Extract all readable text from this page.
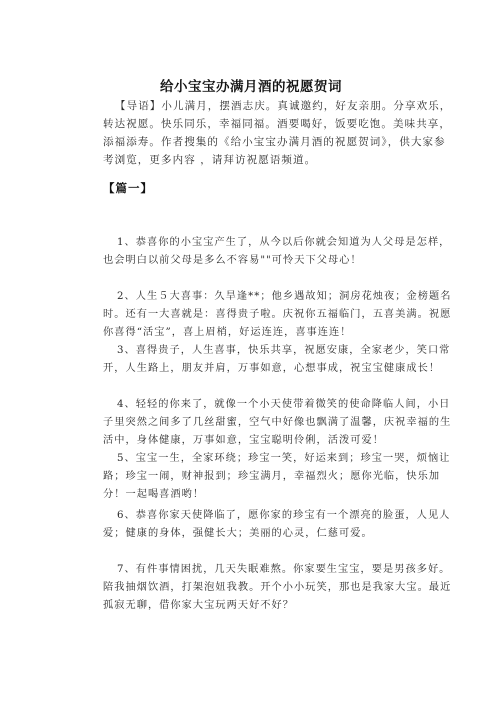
给小宝宝办满月酒的祝愿贺词
【导语】小儿满月，摆酒志庆。真诚邀约，好友亲朋。分享欢乐，转达祝愿。快乐同乐，幸福同福。酒要喝好，饭要吃饱。美味共享，添福添寿。作者搜集的《给小宝宝办满月酒的祝愿贺词》，供大家参考浏览，更多内容 ，请拜访祝愿语频道。
【篇一】
1、恭喜你的小宝宝产生了，从今以后你就会知道为人父母是怎样，也会明白以前父母是多么不容易""可怜天下父母心！
2、人生５大喜事：久旱逢**；他乡遇故知；洞房花烛夜；金榜题名时。还有一大喜就是：喜得贵子啦。庆祝你五福临门，五喜美满。祝愿你喜得“活宝”，喜上眉梢，好运连连，喜事连连！
3、喜得贵子，人生喜事，快乐共享，祝愿安康，全家老少，笑口常开，人生路上，朋友并肩，万事如意，心想事成，祝宝宝健康成长！
4、轻轻的你来了，就像一个小天使带着微笑的使命降临人间，小日子里突然之间多了几丝甜蜜，空气中好像也飘满了温馨，庆祝幸福的生活中，身体健康，万事如意，宝宝聪明伶俐，活泼可爱！
5、宝宝一生，全家环绕；珍宝一笑，好运来到；珍宝一哭，烦恼让路；珍宝一闹，财神报到；珍宝满月，幸福烈火；愿你光临，快乐加分！一起喝喜酒哟！
6、恭喜你家天使降临了，愿你家的珍宝有一个漂亮的脸蛋，人见人爱；健康的身体，强健长大；美丽的心灵，仁慈可爱。
7、有件事情困扰，几天失眠难熬。你家要生宝宝，要是男孩多好。陪我抽烟饮酒，打架泡妞我教。开个小小玩笑，那也是我家大宝。最近孤寂无聊，借你家大宝玩两天好不好？
